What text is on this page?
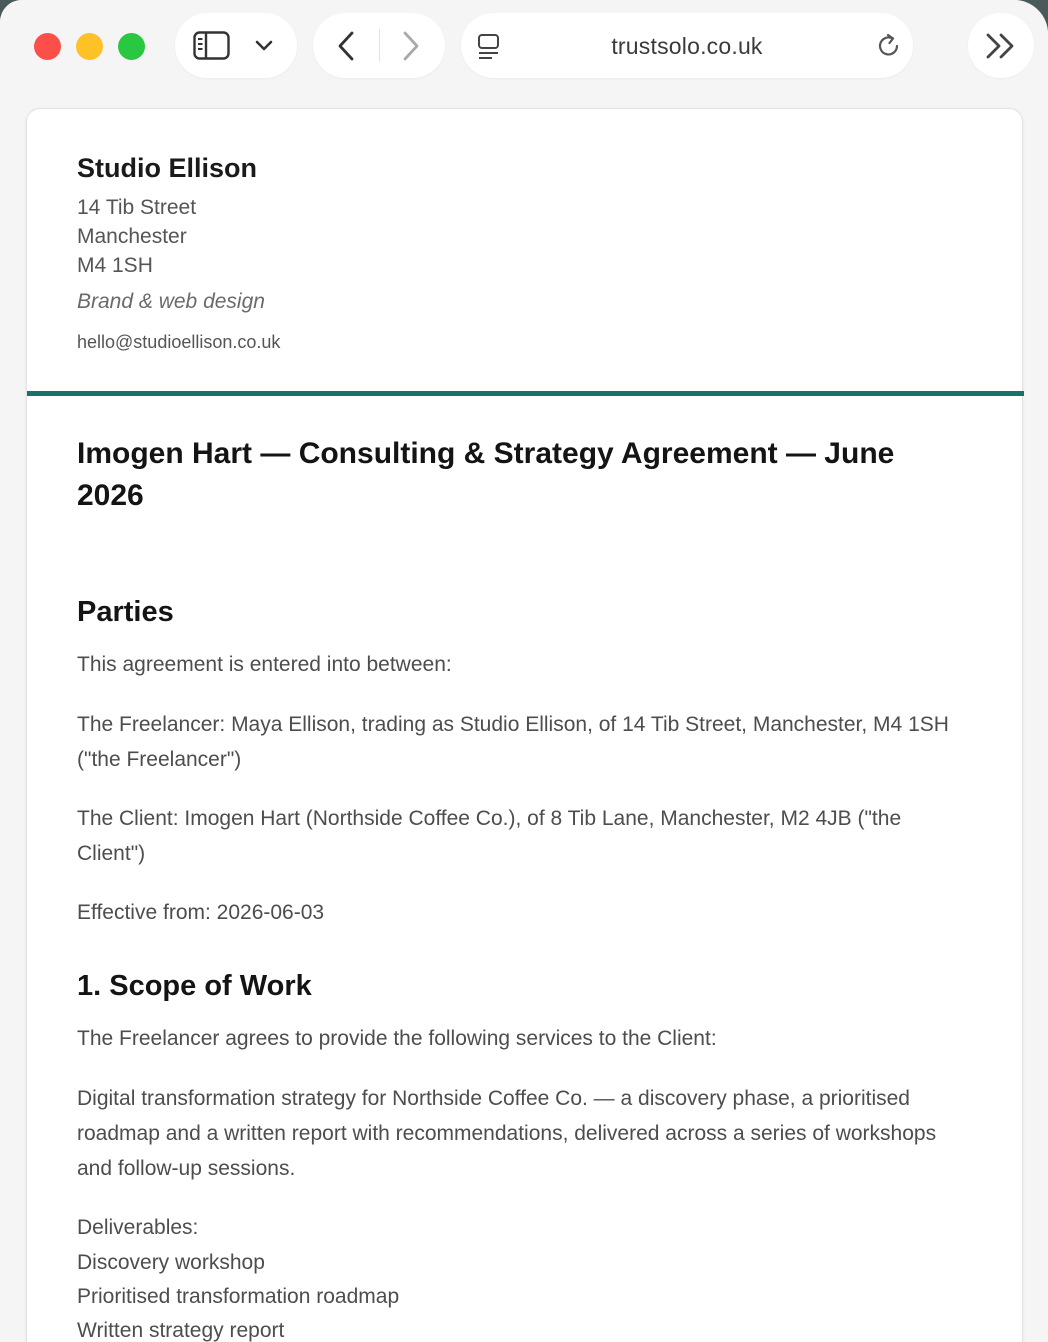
trustsolo.co.uk
Studio Ellison
14 Tib Street
Manchester
M4 1SH
Brand & web design
hello@studioellison.co.uk
Imogen Hart — Consulting & Strategy Agreement — June 2026
Parties
This agreement is entered into between:
The Freelancer: Maya Ellison, trading as Studio Ellison, of 14 Tib Street, Manchester, M4 1SH ("the Freelancer")
The Client: Imogen Hart (Northside Coffee Co.), of 8 Tib Lane, Manchester, M2 4JB ("the Client")
Effective from: 2026-06-03
1. Scope of Work
The Freelancer agrees to provide the following services to the Client:
Digital transformation strategy for Northside Coffee Co. — a discovery phase, a prioritised roadmap and a written report with recommendations, delivered across a series of workshops and follow-up sessions.
Deliverables:
Discovery workshop
Prioritised transformation roadmap
Written strategy report
